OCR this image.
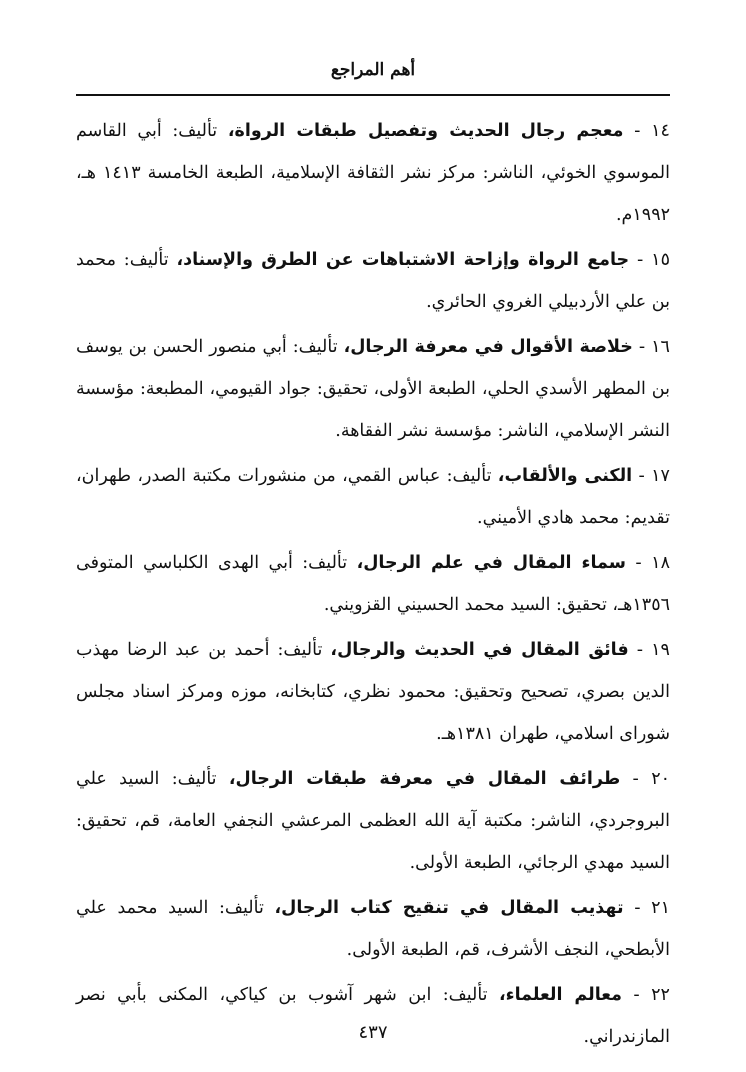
أهم المراجع
١٤ - معجم رجال الحديث وتفصيل طبقات الرواة، تأليف: أبي القاسم الموسوي الخوئي، الناشر: مركز نشر الثقافة الإسلامية، الطبعة الخامسة ١٤١٣ هـ، ١٩٩٢م.
١٥ - جامع الرواة وإزاحة الاشتباهات عن الطرق والإسناد، تأليف: محمد بن علي الأردبيلي الغروي الحائري.
١٦ - خلاصة الأقوال في معرفة الرجال، تأليف: أبي منصور الحسن بن يوسف بن المطهر الأسدي الحلي، الطبعة الأولى، تحقيق: جواد القيومي، المطبعة: مؤسسة النشر الإسلامي، الناشر: مؤسسة نشر الفقاهة.
١٧ - الكنى والألقاب، تأليف: عباس القمي، من منشورات مكتبة الصدر، طهران، تقديم: محمد هادي الأميني.
١٨ - سماء المقال في علم الرجال، تأليف: أبي الهدى الكلباسي المتوفى ١٣٥٦هـ، تحقيق: السيد محمد الحسيني القزويني.
١٩ - فائق المقال في الحديث والرجال، تأليف: أحمد بن عبد الرضا مهذب الدين بصري، تصحيح وتحقيق: محمود نظري، كتابخانه، موزه ومركز اسناد مجلس شوراى اسلامي، طهران ١٣٨١هـ.
٢٠ - طرائف المقال في معرفة طبقات الرجال، تأليف: السيد علي البروجردي، الناشر: مكتبة آية الله العظمى المرعشي النجفي العامة، قم، تحقيق: السيد مهدي الرجائي، الطبعة الأولى.
٢١ - تهذيب المقال في تنقيح كتاب الرجال، تأليف: السيد محمد علي الأبطحي، النجف الأشرف، قم، الطبعة الأولى.
٢٢ - معالم العلماء، تأليف: ابن شهر آشوب بن كياكي، المكنى بأبي نصر المازندراني.
٤٣٧
